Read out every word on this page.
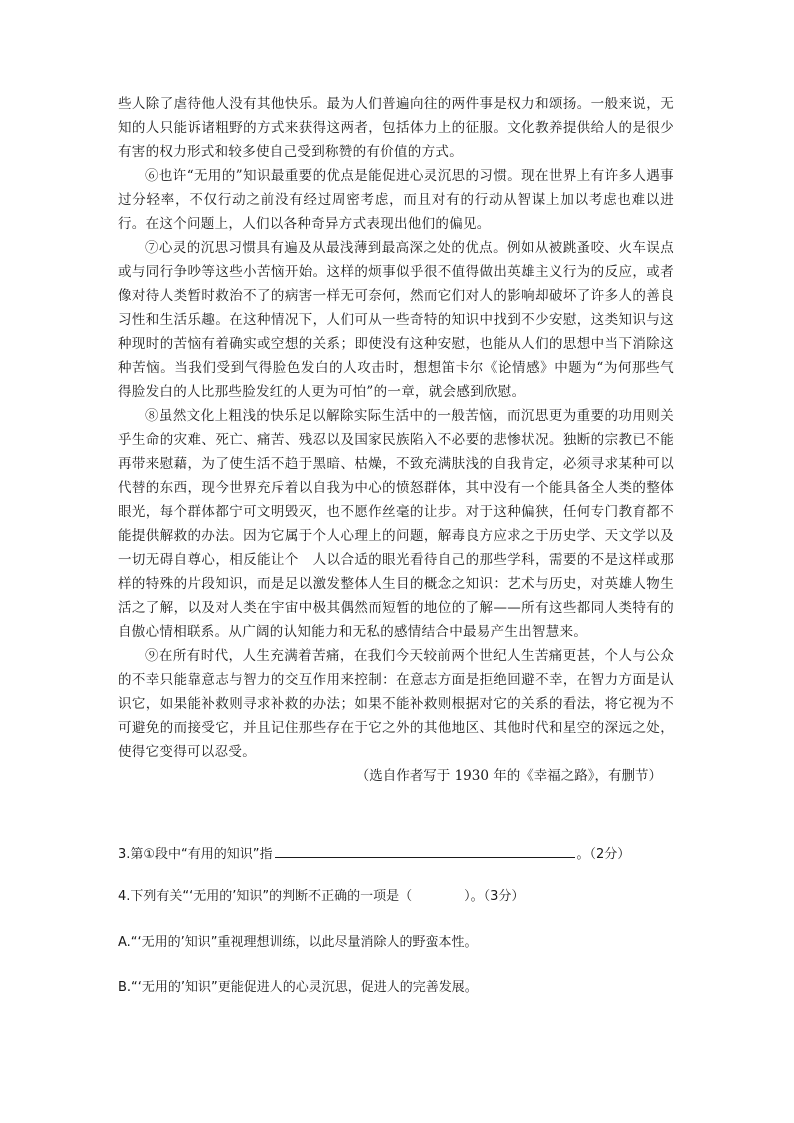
些人除了虐待他人没有其他快乐。最为人们普遍向往的两件事是权力和颂扬。一般来说，无知的人只能诉诸粗野的方式来获得这两者，包括体力上的征服。文化教养提供给人的是很少有害的权力形式和较多使自己受到称赞的有价值的方式。

⑥也许“无用的”知识最重要的优点是能促进心灵沉思的习惯。现在世界上有许多人遇事过分轻率，不仅行动之前没有经过周密考虑，而且对有的行动从智谋上加以考虑也难以进行。在这个问题上，人们以各种奇异方式表现出他们的偏见。

⑦心灵的沉思习惯具有遍及从最浅薄到最高深之处的优点。例如从被跳蚤咬、火车误点或与同行争吵等这些小苦恼开始。这样的烦事似乎很不值得做出英雄主义行为的反应，或者像对待人类暂时救治不了的病害一样无可奈何，然而它们对人的影响却破坏了许多人的善良习性和生活乐趣。在这种情况下，人们可从一些奇特的知识中找到不少安慰，这类知识与这种现时的苦恼有着确实或空想的关系；即使没有这种安慰，也能从人们的思想中当下消除这种苦恼。当我们受到气得脸色发白的人攻击时，想想笛卡尔《论情感》中题为“为何那些气得脸发白的人比那些脸发红的人更为可怕”的一章，就会感到欣慰。

⑧虽然文化上粗浅的快乐足以解除实际生活中的一般苦恼，而沉思更为重要的功用则关乎生命的灾难、死亡、痛苦、残忍以及国家民族陷入不必要的悲惨状况。独断的宗教已不能再带来慰藉，为了使生活不趋于黑暗、枯燥，不致充满肤浅的自我肯定，必须寻求某种可以代替的东西，现今世界充斥着以自我为中心的愤怒群体，其中没有一个能具备全人类的整体眼光，每个群体都宁可文明毁灭，也不愿作丝毫的让步。对于这种偏狭，任何专门教育都不能提供解救的办法。因为它属于个人心理上的问题，解毒良方应求之于历史学、天文学以及一切无碍自尊心，相反能让个　人以合适的眼光看待自己的那些学科，需要的不是这样或那样的特殊的片段知识，而是足以激发整体人生目的概念之知识：艺术与历史，对英雄人物生活之了解，以及对人类在宇宙中极其偶然而短暂的地位的了解——所有这些都同人类特有的自傲心情相联系。从广阔的认知能力和无私的感情结合中最易产生出智慧来。

⑨在所有时代，人生充满着苦痛，在我们今天较前两个世纪人生苦痛更甚，个人与公众的不幸只能靠意志与智力的交互作用来控制：在意志方面是拒绝回避不幸，在智力方面是认识它，如果能补救则寻求补救的办法；如果不能补救则根据对它的关系的看法，将它视为不可避免的而接受它，并且记住那些存在于它之外的其他地区、其他时代和星空的深远之处，使得它变得可以忍受。

（选自作者写于 1930 年的《幸福之路》，有删节）

3.第①段中“有用的知识”指	。（2分）

4.下列有关“‘无用的’知识”的判断不正确的一项是（　　　　）。（3分）

A.“‘无用的’知识”重视理想训练，以此尽量消除人的野蛮本性。

B.“‘无用的’知识”更能促进人的心灵沉思，促进人的完善发展。
